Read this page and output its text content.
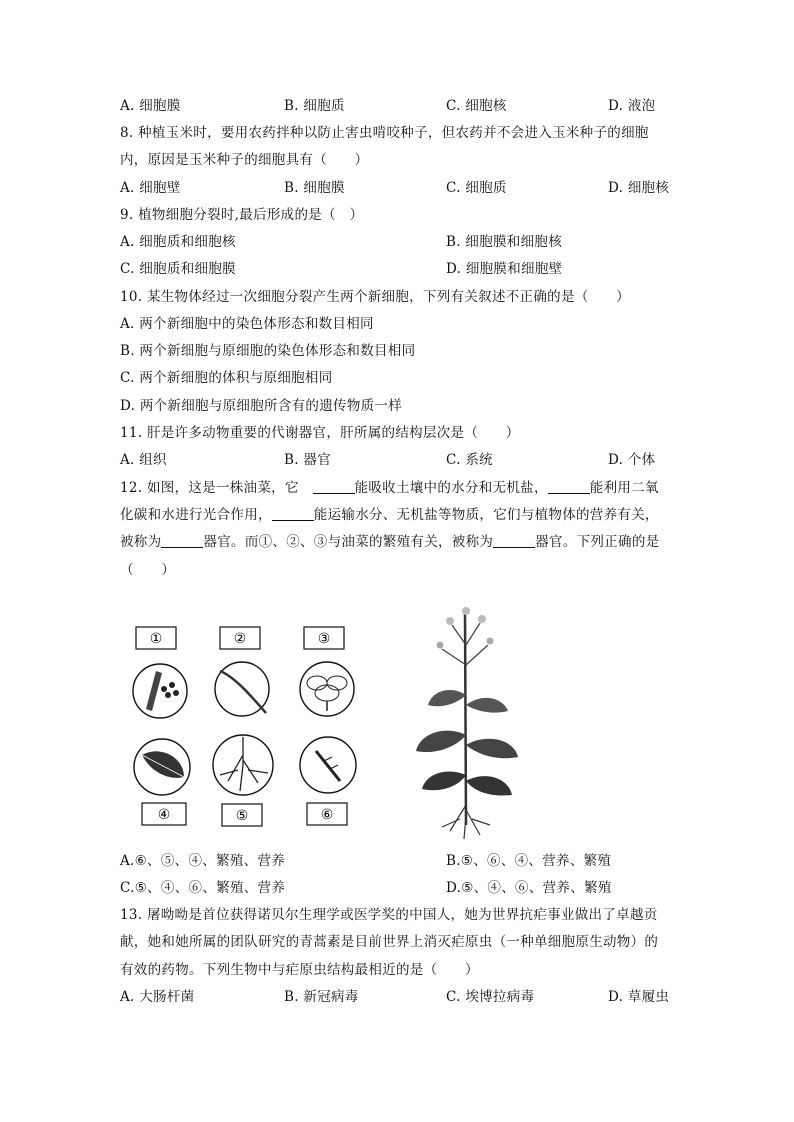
A. 细胞膜	B. 细胞质	C. 细胞核	D. 液泡
8. 种植玉米时，要用农药拌种以防止害虫啃咬种子，但农药并不会进入玉米种子的细胞
内，原因是玉米种子的细胞具有（　　）
A. 细胞壁	B. 细胞膜	C. 细胞质	D. 细胞核
9. 植物细胞分裂时,最后形成的是（　）
A. 细胞质和细胞核	B. 细胞膜和细胞核
C. 细胞质和细胞膜	D. 细胞膜和细胞壁
10. 某生物体经过一次细胞分裂产生两个新细胞，下列有关叙述不正确的是（　　）
A. 两个新细胞中的染色体形态和数目相同
B. 两个新细胞与原细胞的染色体形态和数目相同
C. 两个新细胞的体积与原细胞相同
D. 两个新细胞与原细胞所含有的遗传物质一样
11. 肝是许多动物重要的代谢器官，肝所属的结构层次是（　　）
A. 组织	B. 器官	C. 系统	D. 个体
12. 如图，这是一株油菜，它　	能吸收土壤中的水分和无机盐，	能利用二氧
化碳和水进行光合作用，	能运输水分、无机盐等物质，它们与植物体的营养有关，
被称为	器官。而①、②、③与油菜的繁殖有关，被称为	器官。下列正确的是
（　　）
①	②	③
④	⑤	⑥
A.⑥、⑤、④、繁殖、营养	B.⑤、⑥、④、营养、繁殖
C.⑤、④、⑥、繁殖、营养	D.⑤、④、⑥、营养、繁殖
13. 屠呦呦是首位获得诺贝尔生理学或医学奖的中国人，她为世界抗疟事业做出了卓越贡
献，她和她所属的团队研究的青蒿素是目前世界上消灭疟原虫（一种单细胞原生动物）的
有效的药物。下列生物中与疟原虫结构最相近的是（　　）
A. 大肠杆菌	B. 新冠病毒	C. 埃博拉病毒	D. 草履虫
